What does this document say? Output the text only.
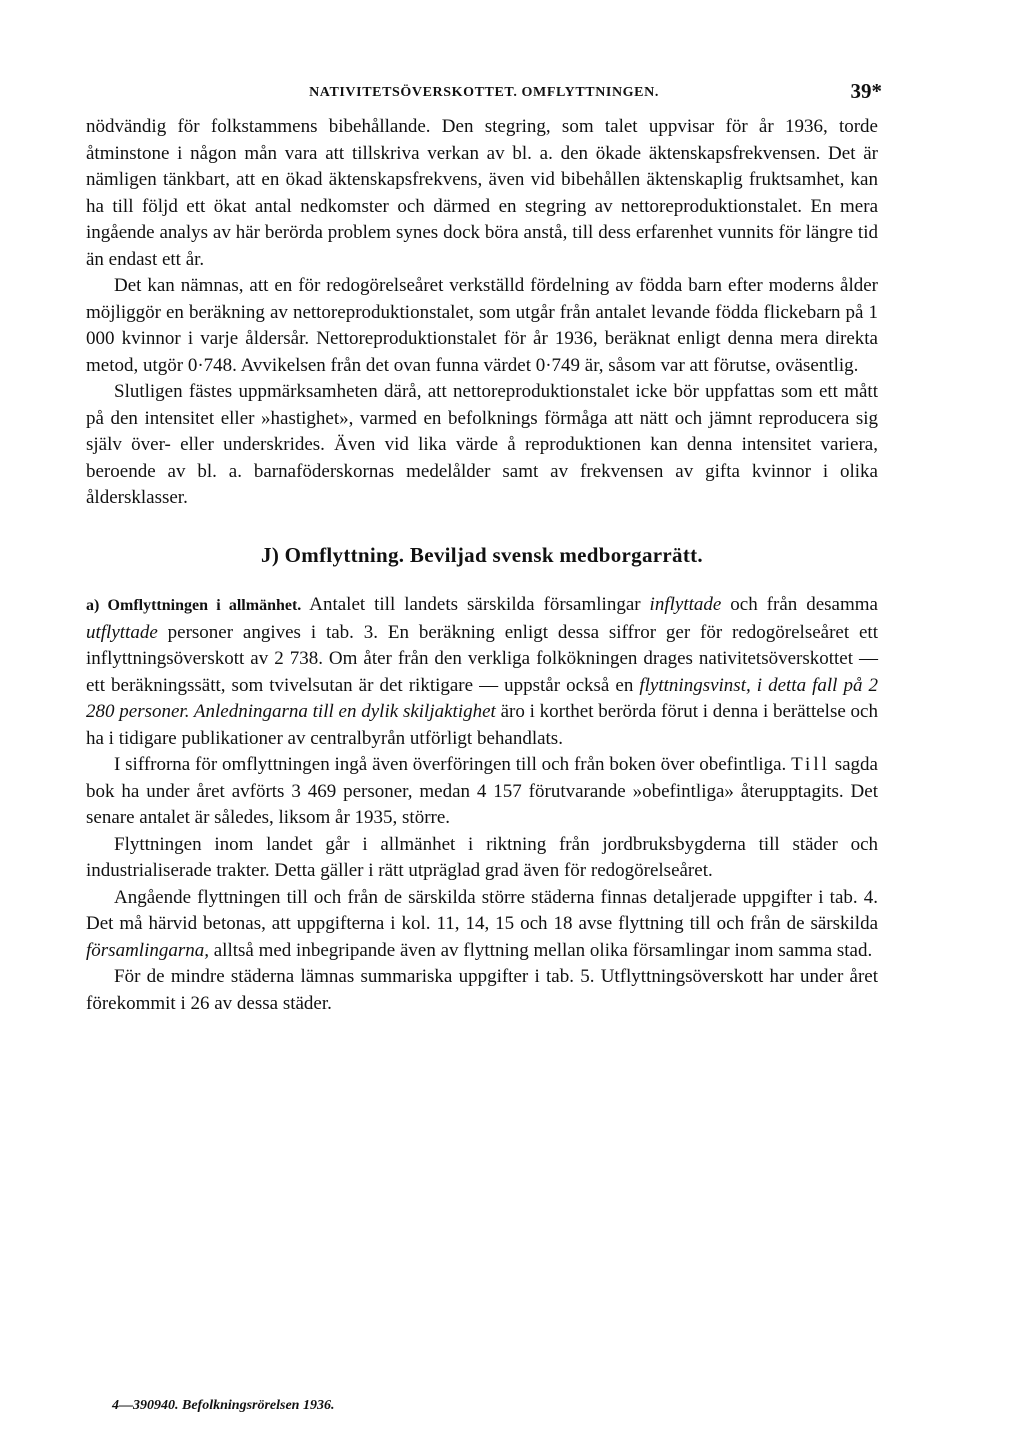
NATIVITETSÖVERSKOTTET. OMFLYTTNINGEN.	39*

nödvändig för folkstammens bibehållande. Den stegring, som talet uppvisar för år 1936, torde åtminstone i någon mån vara att tillskriva verkan av bl. a. den ökade äktenskapsfrekvensen. Det är nämligen tänkbart, att en ökad äktenskapsfrekvens, även vid bibehållen äktenskaplig fruktsamhet, kan ha till följd ett ökat antal nedkomster och därmed en stegring av nettoreproduktionstalet. En mera ingående analys av här berörda problem synes dock böra anstå, till dess erfarenhet vunnits för längre tid än endast ett år.

Det kan nämnas, att en för redogörelseåret verkställd fördelning av födda barn efter moderns ålder möjliggör en beräkning av nettoreproduktionstalet, som utgår från antalet levande födda flickebarn på 1 000 kvinnor i varje åldersår. Nettoreproduktionstalet för år 1936, beräknat enligt denna mera direkta metod, utgör 0·748. Avvikelsen från det ovan funna värdet 0·749 är, såsom var att förutse, oväsentlig.

Slutligen fästes uppmärksamheten därå, att nettoreproduktionstalet icke bör uppfattas som ett mått på den intensitet eller »hastighet», varmed en befolknings förmåga att nätt och jämnt reproducera sig själv över- eller underskrides. Även vid lika värde å reproduktionen kan denna intensitet variera, beroende av bl. a. barnaföderskornas medelålder samt av frekvensen av gifta kvinnor i olika åldersklasser.

J) Omflyttning. Beviljad svensk medborgarrätt.

a) Omflyttningen i allmänhet. Antalet till landets särskilda församlingar inflyttade och från desamma utflyttade personer angives i tab. 3. En beräkning enligt dessa siffror ger för redogörelseåret ett inflyttningsöverskott av 2 738. Om åter från den verkliga folkökningen drages nativitetsöverskottet — ett beräkningssätt, som tvivelsutan är det riktigare — uppstår också en flyttningsvinst, i detta fall på 2 280 personer. Anledningarna till en dylik skiljaktighet äro i korthet berörda förut i denna i berättelse och ha i tidigare publikationer av centralbyrån utförligt behandlats.

I siffrorna för omflyttningen ingå även överföringen till och från boken över obefintliga. Till sagda bok ha under året avförts 3 469 personer, medan 4 157 förutvarande »obefintliga» återupptagits. Det senare antalet är således, liksom år 1935, större.

Flyttningen inom landet går i allmänhet i riktning från jordbruksbygderna till städer och industrialiserade trakter. Detta gäller i rätt utpräglad grad även för redogörelseåret.

Angående flyttningen till och från de särskilda större städerna finnas detaljerade uppgifter i tab. 4. Det må härvid betonas, att uppgifterna i kol. 11, 14, 15 och 18 avse flyttning till och från de särskilda församlingarna, alltså med inbegripande även av flyttning mellan olika församlingar inom samma stad.

För de mindre städerna lämnas summariska uppgifter i tab. 5. Utflyttningsöverskott har under året förekommit i 26 av dessa städer.

4—390940. Befolkningsrörelsen 1936.
